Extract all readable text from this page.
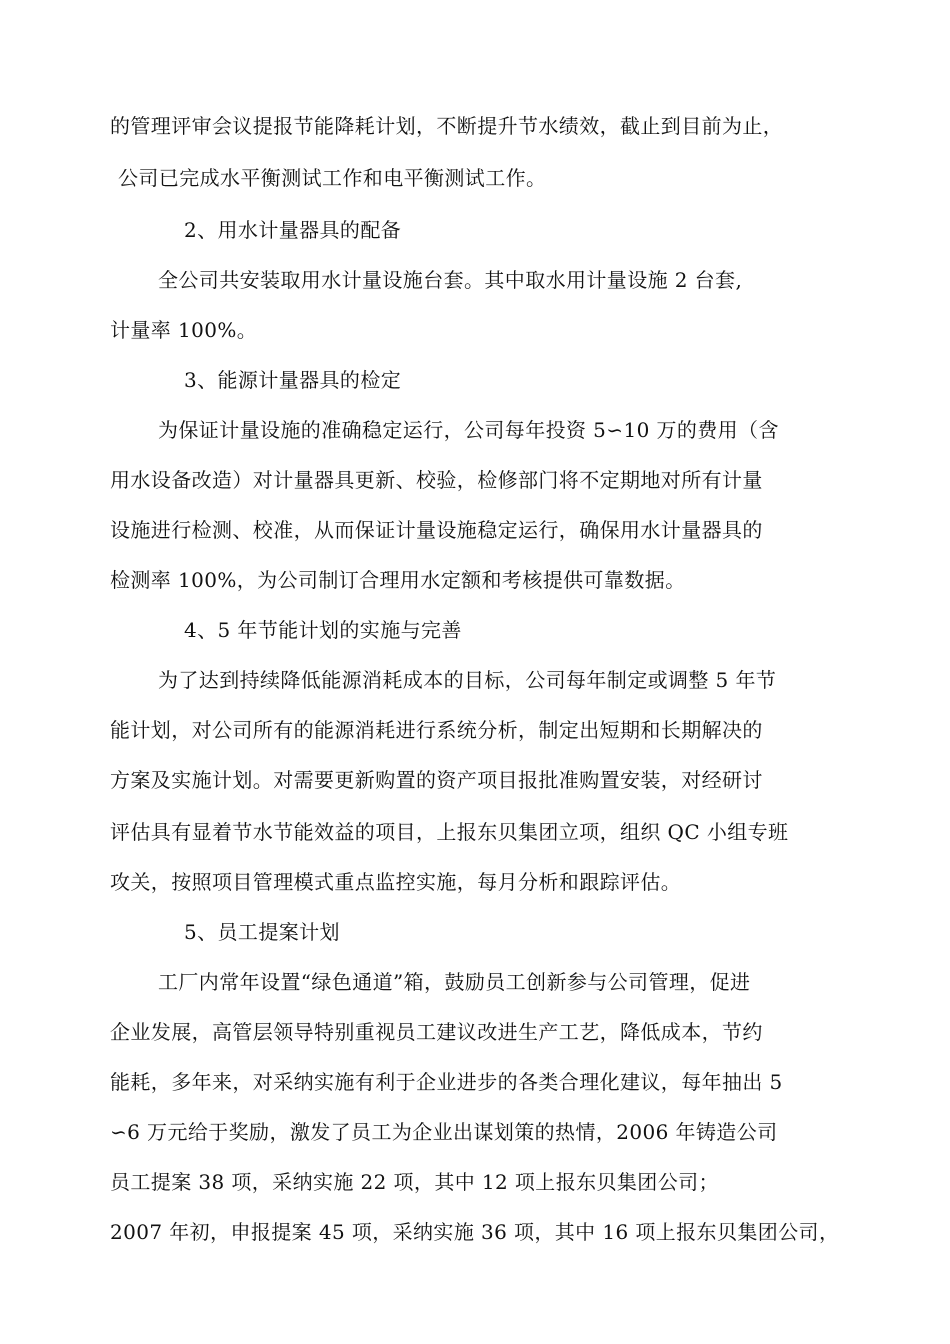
的管理评审会议提报节能降耗计划，不断提升节水绩效，截止到目前为止，
公司已完成水平衡测试工作和电平衡测试工作。
2、用水计量器具的配备
全公司共安装取用水计量设施台套。其中取水用计量设施 2 台套,
计量率 100%。
3、能源计量器具的检定
为保证计量设施的准确稳定运行，公司每年投资 5∽10 万的费用（含
用水设备改造）对计量器具更新、校验，检修部门将不定期地对所有计量
设施进行检测、校准，从而保证计量设施稳定运行，确保用水计量器具的
检测率 100%，为公司制订合理用水定额和考核提供可靠数据。
4、5 年节能计划的实施与完善
为了达到持续降低能源消耗成本的目标，公司每年制定或调整 5 年节
能计划，对公司所有的能源消耗进行系统分析，制定出短期和长期解决的
方案及实施计划。对需要更新购置的资产项目报批准购置安装，对经研讨
评估具有显着节水节能效益的项目，上报东贝集团立项，组织 QC 小组专班
攻关，按照项目管理模式重点监控实施，每月分析和跟踪评估。
5、员工提案计划
工厂内常年设置“绿色通道”箱，鼓励员工创新参与公司管理，促进
企业发展，高管层领导特别重视员工建议改进生产工艺，降低成本，节约
能耗，多年来，对采纳实施有利于企业进步的各类合理化建议，每年抽出 5
∽6 万元给于奖励，激发了员工为企业出谋划策的热情，2006 年铸造公司
员工提案 38 项，采纳实施 22 项，其中 12 项上报东贝集团公司；
2007 年初，申报提案 45 项，采纳实施 36 项，其中 16 项上报东贝集团公司，
